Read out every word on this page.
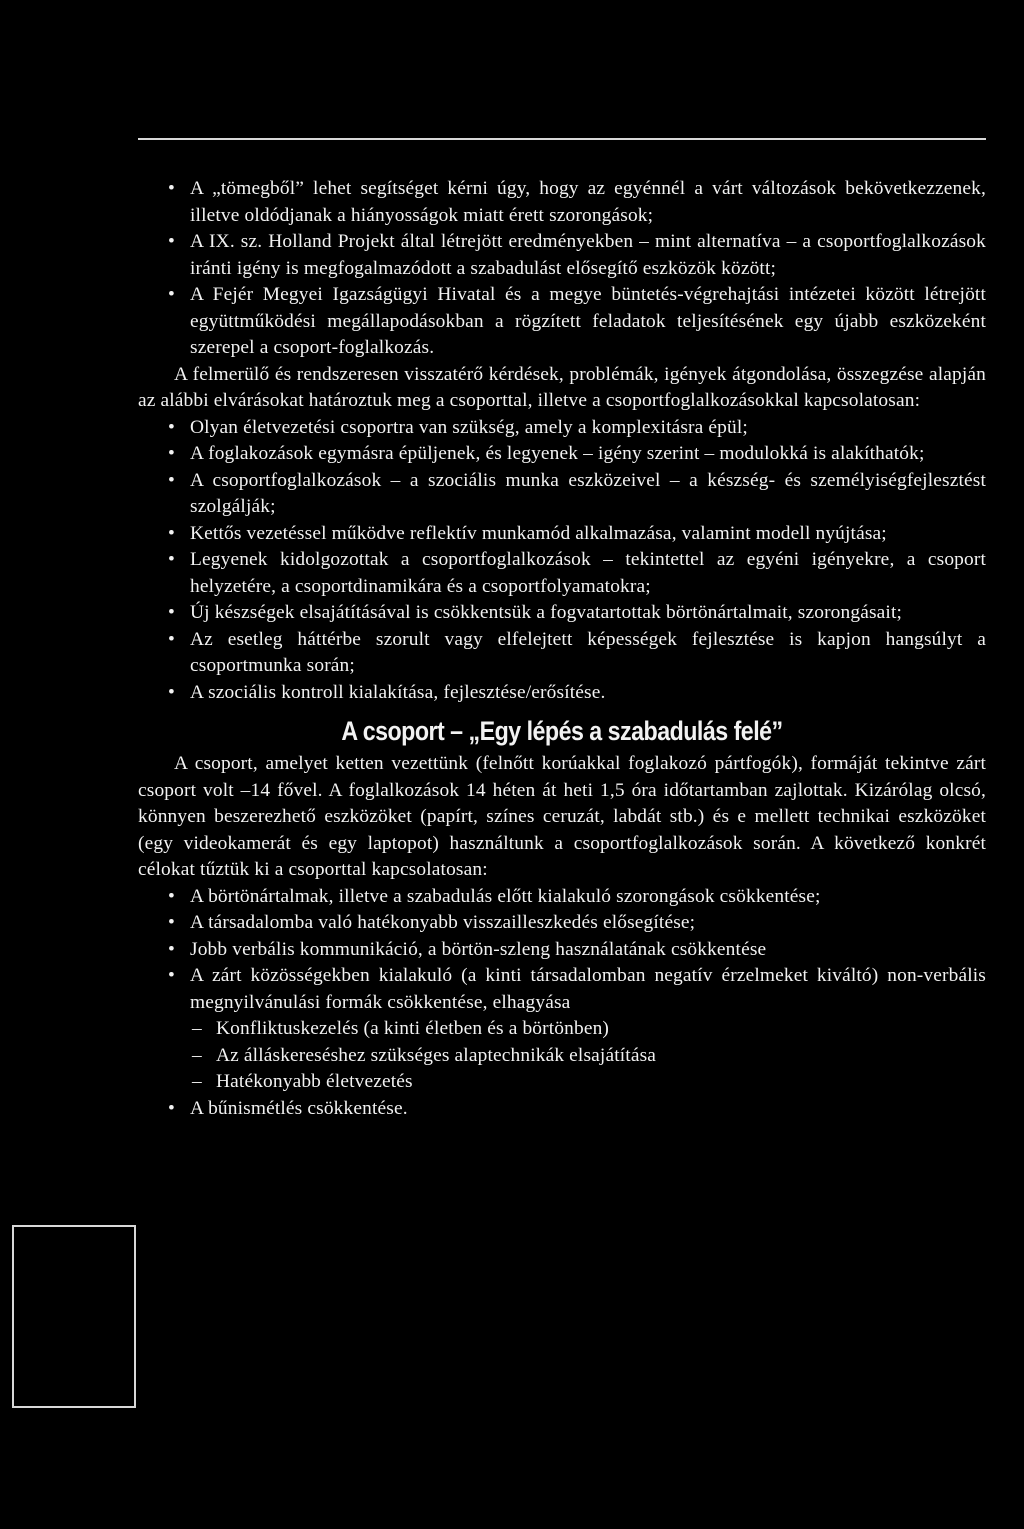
• A „tömegből” lehet segítséget kérni úgy, hogy az egyénnél a várt változások bekövetkezzenek, illetve oldódjanak a hiányosságok miatt érett szorongások;
• A IX. sz. Holland Projekt által létrejött eredményekben – mint alternatíva – a csoportfoglalkozások iránti igény is megfogalmazódott a szabadulást elősegítő eszközök között;
• A Fejér Megyei Igazságügyi Hivatal és a megye büntetés-végrehajtási intézetei között létrejött együttműködési megállapodásokban a rögzített feladatok teljesítésének egy újabb eszközeként szerepel a csoport-foglalkozás.

A felmerülő és rendszeresen visszatérő kérdések, problémák, igények átgondolása, összegzése alapján az alábbi elvárásokat határoztuk meg a csoporttal, illetve a csoportfoglalkozásokkal kapcsolatosan:

• Olyan életvezetési csoportra van szükség, amely a komplexitásra épül;
• A foglakozások egymásra épüljenek, és legyenek – igény szerint – modulokká is alakíthatók;
• A csoportfoglalkozások – a szociális munka eszközeivel – a készség- és személyiségfejlesztést szolgálják;
• Kettős vezetéssel működve reflektív munkamód alkalmazása, valamint modell nyújtása;
• Legyenek kidolgozottak a csoportfoglalkozások – tekintettel az egyéni igényekre, a csoport helyzetére, a csoportdinamikára és a csoportfolyamatokra;
• Új készségek elsajátításával is csökkentsük a fogvatartottak börtönártalmait, szorongásait;
• Az esetleg háttérbe szorult vagy elfelejtett képességek fejlesztése is kapjon hangsúlyt a csoportmunka során;
• A szociális kontroll kialakítása, fejlesztése/erősítése.
A csoport – „Egy lépés a szabadulás felé”

A csoport, amelyet ketten vezettünk (felnőtt korúakkal foglakozó pártfogók), formáját tekintve zárt csoport volt –14 fővel. A foglalkozások 14 héten át heti 1,5 óra időtartamban zajlottak. Kizárólag olcsó, könnyen beszerezhető eszközöket (papírt, színes ceruzát, labdát stb.) és e mellett technikai eszközöket (egy videokamerát és egy laptopot) használtunk a csoportfoglalkozások során. A következő konkrét célokat tűztük ki a csoporttal kapcsolatosan:

• A börtönártalmak, illetve a szabadulás előtt kialakuló szorongások csökkentése;
• A társadalomba való hatékonyabb visszailleszkedés elősegítése;
• Jobb verbális kommunikáció, a börtön-szleng használatának csökkentése
• A zárt közösségekben kialakuló (a kinti társadalomban negatív érzelmeket kiváltó) non-verbális megnyilvánulási formák csökkentése, elhagyása
– Konfliktuskezelés (a kinti életben és a börtönben)
– Az álláskereséshez szükséges alaptechnikák elsajátítása
– Hatékonyabb életvezetés
• A bűnismétlés csökkentése.
